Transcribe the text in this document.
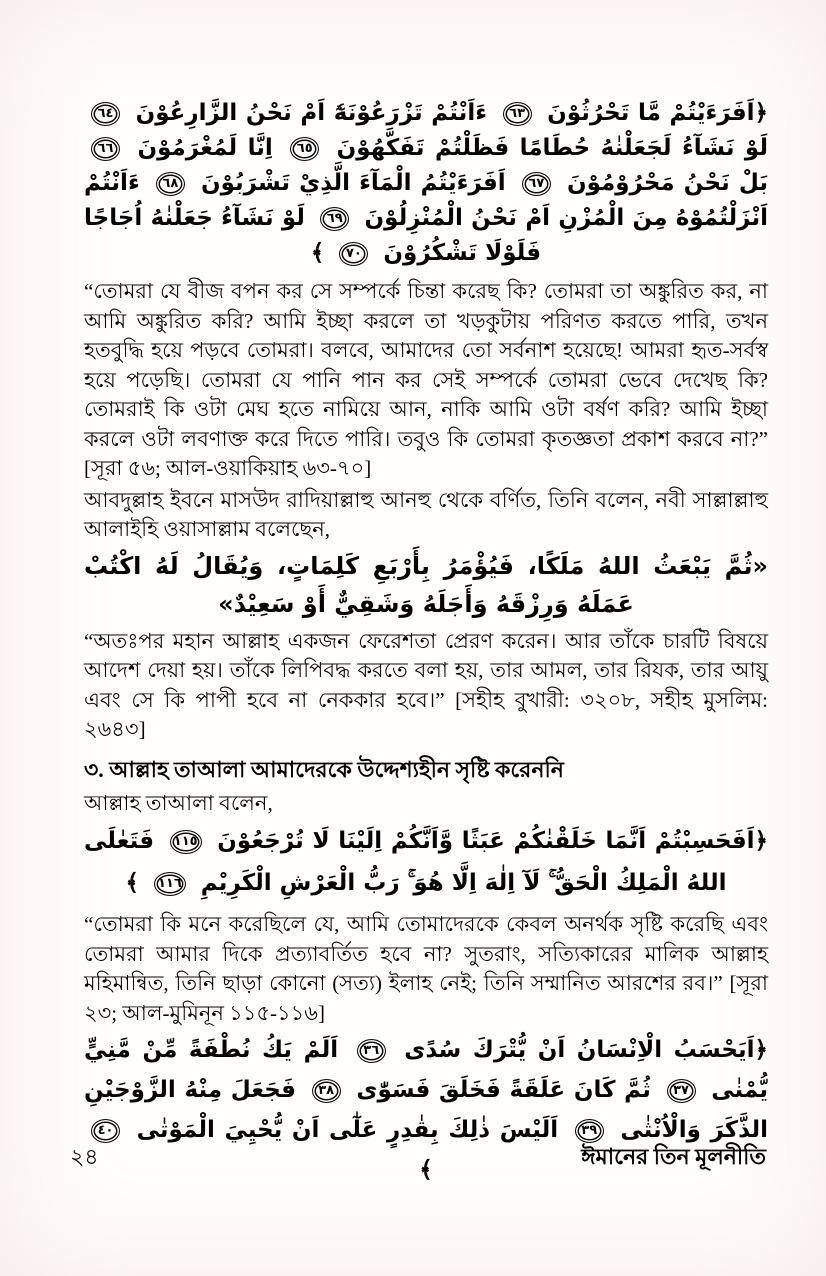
﴿اَفَرَءَيْتُمْ مَّا تَحْرُثُوْنَ ٦٣ ءَاَنْتُمْ تَزْرَعُوْنَهٗٓ اَمْ نَحْنُ الزَّارِعُوْنَ ٦٤ لَوْ نَشَآءُ لَجَعَلْنٰهُ حُطَامًا فَظَلْتُمْ تَفَكَّهُوْنَ ٦٥ اِنَّا لَمُغْرَمُوْنَ ٦٦ بَلْ نَحْنُ مَحْرُوْمُوْنَ ٦٧ اَفَرَءَيْتُمُ الْمَآءَ الَّذِيْ تَشْرَبُوْنَ ٦٨ ءَاَنْتُمْ اَنْزَلْتُمُوْهُ مِنَ الْمُزْنِ اَمْ نَحْنُ الْمُنْزِلُوْنَ ٦٩ لَوْ نَشَآءُ جَعَلْنٰهُ اُجَاجًا فَلَوْلَا تَشْكُرُوْنَ ٧٠ ﴾

“তোমরা যে বীজ বপন কর সে সম্পর্কে চিন্তা করেছ কি? তোমরা তা অঙ্কুরিত কর, না আমি অঙ্কুরিত করি? আমি ইচ্ছা করলে তা খড়কুটায় পরিণত করতে পারি, তখন হতবুদ্ধি হয়ে পড়বে তোমরা। বলবে, আমাদের তো সর্বনাশ হয়েছে! আমরা হৃত-সর্বস্ব হয়ে পড়েছি। তোমরা যে পানি পান কর সেই সম্পর্কে তোমরা ভেবে দেখেছ কি? তোমরাই কি ওটা মেঘ হতে নামিয়ে আন, নাকি আমি ওটা বর্ষণ করি? আমি ইচ্ছা করলে ওটা লবণাক্ত করে দিতে পারি। তবুও কি তোমরা কৃতজ্ঞতা প্রকাশ করবে না?” [সূরা ৫৬; আল-ওয়াকিয়াহ ৬৩-৭০]

আবদুল্লাহ ইবনে মাসউদ রাদিয়াল্লাহু আনহু থেকে বর্ণিত, তিনি বলেন, নবী সাল্লাল্লাহু আলাইহি ওয়াসাল্লাম বলেছেন,

«ثُمَّ يَبْعَثُ اللهُ مَلَكًا، فَيُؤْمَرُ بِأَرْبَعِ كَلِمَاتٍ، وَيُقَالُ لَهُ اكْتُبْ عَمَلَهُ وَرِزْقَهُ وَأَجَلَهُ وَشَقِيٌّ أَوْ سَعِيْدٌ»

“অতঃপর মহান আল্লাহ একজন ফেরেশতা প্রেরণ করেন। আর তাঁকে চারটি বিষয়ে আদেশ দেয়া হয়। তাঁকে লিপিবদ্ধ করতে বলা হয়, তার আমল, তার রিযক, তার আয়ু এবং সে কি পাপী হবে না নেককার হবে।” [সহীহ বুখারী: ৩২০৮, সহীহ মুসলিম: ২৬৪৩]

৩. আল্লাহ তাআলা আমাদেরকে উদ্দেশ্যহীন সৃষ্টি করেননি

আল্লাহ তাআলা বলেন,

﴿اَفَحَسِبْتُمْ اَنَّمَا خَلَقْنٰكُمْ عَبَثًا وَّاَنَّكُمْ اِلَيْنَا لَا تُرْجَعُوْنَ ١١٥ فَتَعٰلَى اللهُ الْمَلِكُ الْحَقُّ ۚ لَآ اِلٰهَ اِلَّا هُوَ ۚ رَبُّ الْعَرْشِ الْكَرِيْمِ ١١٦ ﴾

“তোমরা কি মনে করেছিলে যে, আমি তোমাদেরকে কেবল অনর্থক সৃষ্টি করেছি এবং তোমরা আমার দিকে প্রত্যাবর্তিত হবে না? সুতরাং, সত্যিকারের মালিক আল্লাহ মহিমান্বিত, তিনি ছাড়া কোনো (সত্য) ইলাহ নেই; তিনি সম্মানিত আরশের রব।” [সূরা ২৩; আল-মুমিনূন ১১৫-১১৬]

﴿اَيَحْسَبُ الْاِنْسَانُ اَنْ يُّتْرَكَ سُدًى ٣٦ اَلَمْ يَكُ نُطْفَةً مِّنْ مَّنِيٍّ يُّمْنٰى ٣٧ ثُمَّ كَانَ عَلَقَةً فَخَلَقَ فَسَوّٰى ٣٨ فَجَعَلَ مِنْهُ الزَّوْجَيْنِ الذَّكَرَ وَالْاُنْثٰى ٣٩ اَلَيْسَ ذٰلِكَ بِقٰدِرٍ عَلٰٓى اَنْ يُّحْيِيَ الْمَوْتٰى ٤٠ ﴾
২৪	ঈমানের তিন মূলনীতি
